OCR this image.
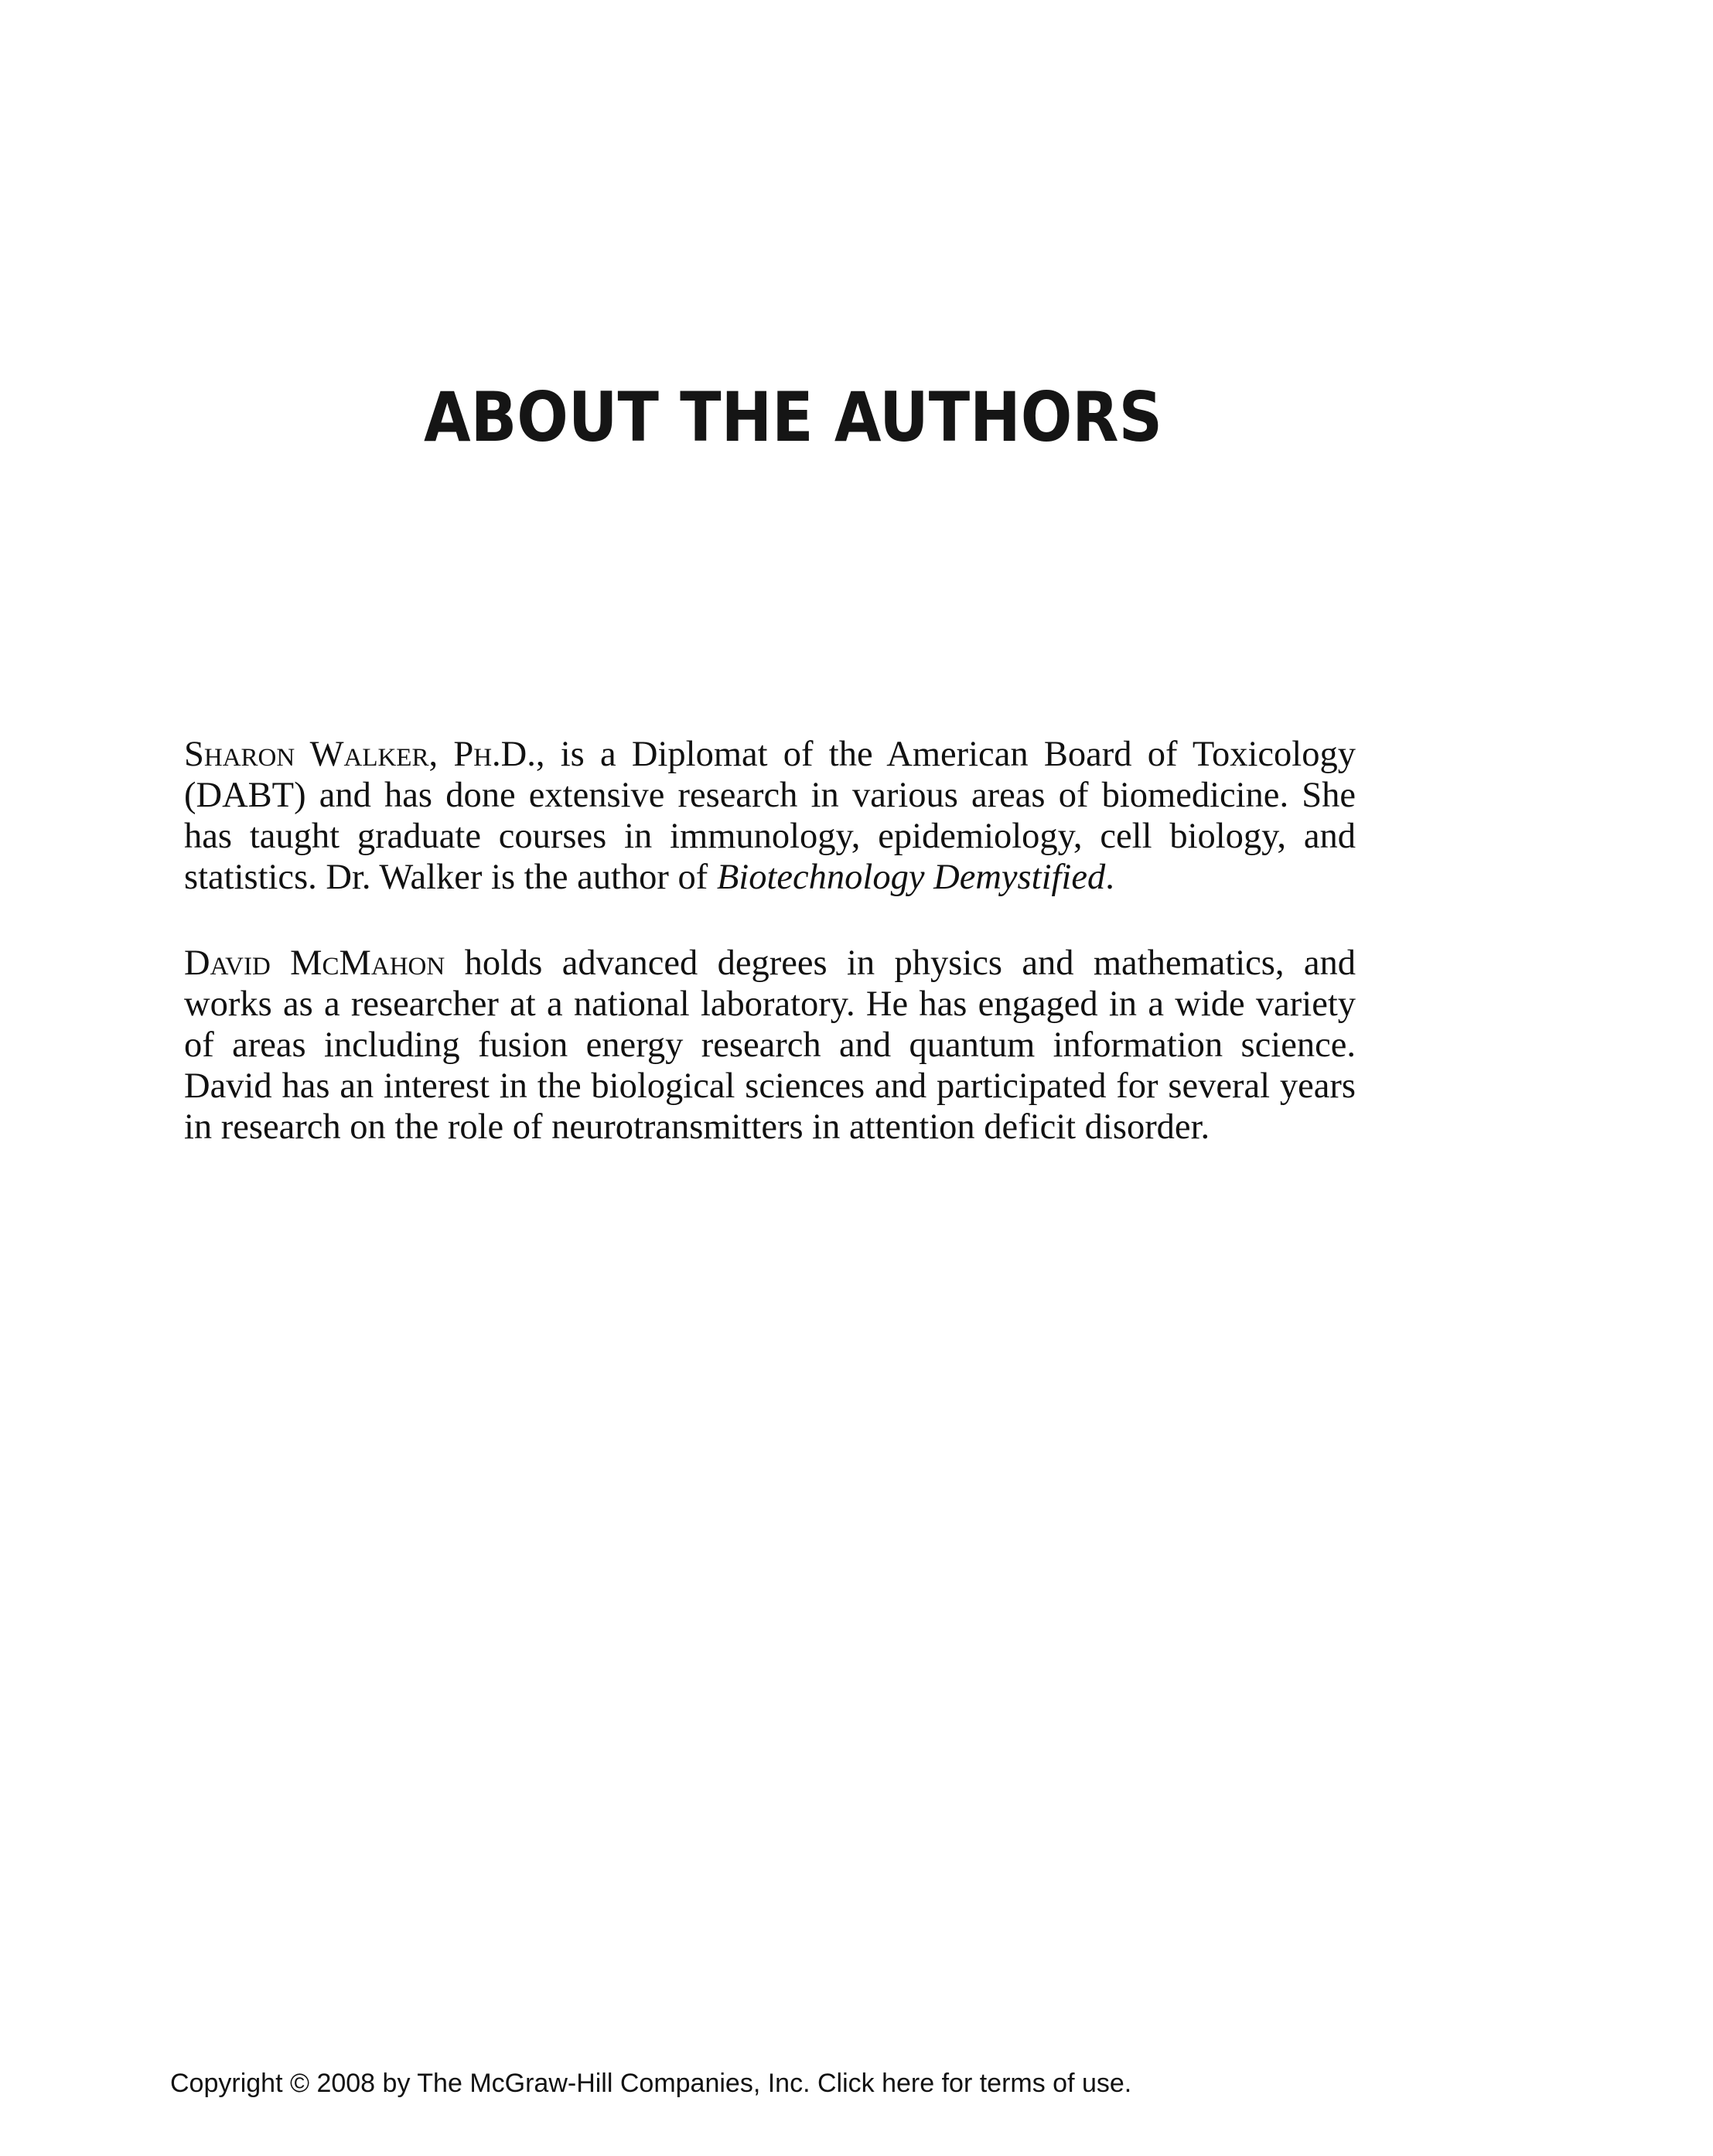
ABOUT THE AUTHORS

Sharon Walker, Ph.D., is a Diplomat of the American Board of Toxicology (DABT) and has done extensive research in various areas of biomedicine. She has taught graduate courses in immunology, epidemiology, cell biology, and statistics. Dr. Walker is the author of Biotechnology Demystified.

David McMahon holds advanced degrees in physics and mathematics, and works as a researcher at a national laboratory. He has engaged in a wide variety of areas including fusion energy research and quantum information science. David has an interest in the biological sciences and participated for several years in research on the role of neurotransmitters in attention deficit disorder.

Copyright © 2008 by The McGraw-Hill Companies, Inc. Click here for terms of use.
